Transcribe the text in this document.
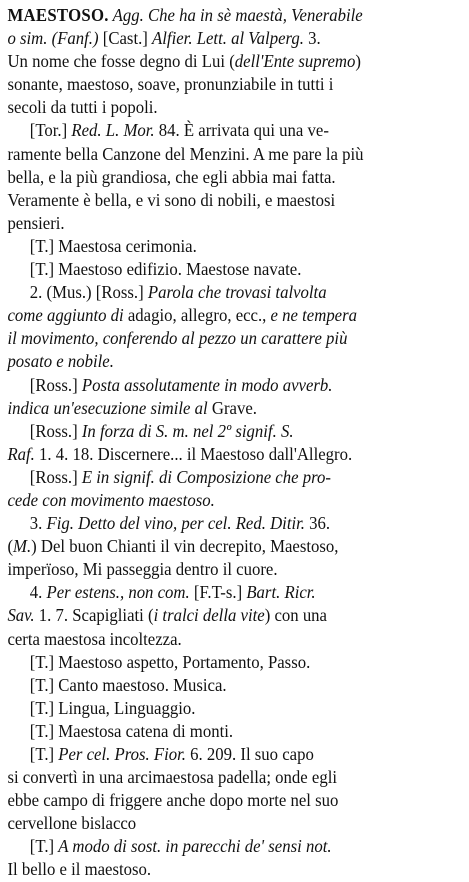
MAESTOSO. Agg. Che ha in sè maestà, Venerabile
o sim. (Fanf.) [Cast.] Alfier. Lett. al Valperg. 3.
Un nome che fosse degno di Lui (dell'Ente supremo)
sonante, maestoso, soave, pronunziabile in tutti i
secoli da tutti i popoli.
[Tor.] Red. L. Mor. 84. È arrivata qui una ve-
ramente bella Canzone del Menzini. A me pare la più
bella, e la più grandiosa, che egli abbia mai fatta.
Veramente è bella, e vi sono di nobili, e maestosi
pensieri.
[T.] Maestosa cerimonia.
[T.] Maestoso edifizio. Maestose navate.
2. (Mus.) [Ross.] Parola che trovasi talvolta
come aggiunto di adagio, allegro, ecc., e ne tempera
il movimento, conferendo al pezzo un carattere più
posato e nobile.
[Ross.] Posta assolutamente in modo avverb.
indica un'esecuzione simile al Grave.
[Ross.] In forza di S. m. nel 2º signif. S.
Raf. 1. 4. 18. Discernere... il Maestoso dall'Allegro.
[Ross.] E in signif. di Composizione che pro-
cede con movimento maestoso.
3. Fig. Detto del vino, per cel. Red. Ditir. 36.
(M.) Del buon Chianti il vin decrepito, Maestoso,
imperïoso, Mi passeggia dentro il cuore.
4. Per estens., non com. [F.T-s.] Bart. Ricr.
Sav. 1. 7. Scapigliati (i tralci della vite) con una
certa maestosa incoltezza.
[T.] Maestoso aspetto, Portamento, Passo.
[T.] Canto maestoso. Musica.
[T.] Lingua, Linguaggio.
[T.] Maestosa catena di monti.
[T.] Per cel. Pros. Fior. 6. 209. Il suo capo
si convertì in una arcimaestosa padella; onde egli
ebbe campo di friggere anche dopo morte nel suo
cervellone bislacco
[T.] A modo di sost. in parecchi de' sensi not.
Il bello e il maestoso.
